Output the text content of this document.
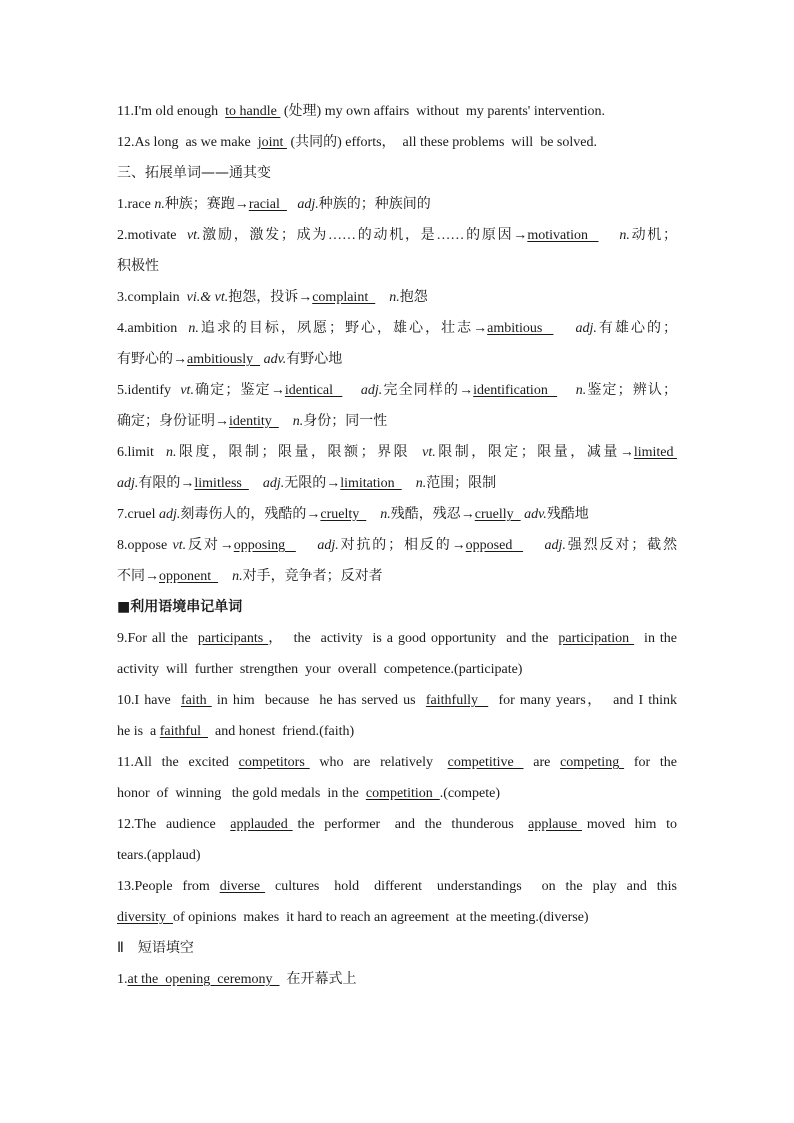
11.I'm old enough  to handle  (处理) my own affairs  without  my parents' intervention.
12.As long  as we make  joint  (共同的) efforts，  all these problems  will  be solved.
三、拓展单词——通其变
1.race n.种族；赛跑→racial     adj.种族的；种族间的
2.motivate  vt.激励，激发；成为……的动机，是……的原因→motivation      n.动机；
积极性
3.complain  vi.& vt.抱怨，投诉→complaint      n.抱怨
4.ambition  n.追求的目标，夙愿；野心，雄心，壮志→ambitious      adj.有雄心的；
有野心的→ambitiously   adv.有野心地
5.identify  vt.确定；鉴定→identical      adj.完全同样的→identification      n.鉴定；辨认；
确定；身份证明→identity      n.身份；同一性
6.limit  n.限度，限制；限量，限额；界限  vt.限制，限定；限量，减量→limited
adj.有限的→limitless      adj.无限的→limitation      n.范围；限制
7.cruel adj.刻毒伤人的，残酷的→cruelty      n.残酷，残忍→cruelly   adv.残酷地
8.oppose vt.反对→opposing      adj.对抗的；相反的→opposed      adj.强烈反对；截然
不同→opponent      n.对手，竞争者；反对者
■利用语境串记单词
9.For all the  participants ，  the  activity  is a good opportunity  and the  participation   in the
activity  will  further  strengthen  your  overall  competence.(participate)
10.I have  faith  in him  because  he has served us  faithfully    for many years，  and I think
he is  a faithful    and honest  friend.(faith)
11.All  the  excited  competitors   who  are  relatively   competitive    are  competing   for  the
honor  of  winning   the gold medals  in the  competition  .(compete)
12.The  audience   applauded  the  performer   and  the  thunderous   applause  moved  him  to
tears.(applaud)
13.People  from  diverse   cultures   hold   different   understandings    on  the  play  and  this
diversity  of opinions  makes  it hard to reach an agreement  at the meeting.(diverse)
Ⅱ　短语填空
1.at the  opening  ceremony    在开幕式上
